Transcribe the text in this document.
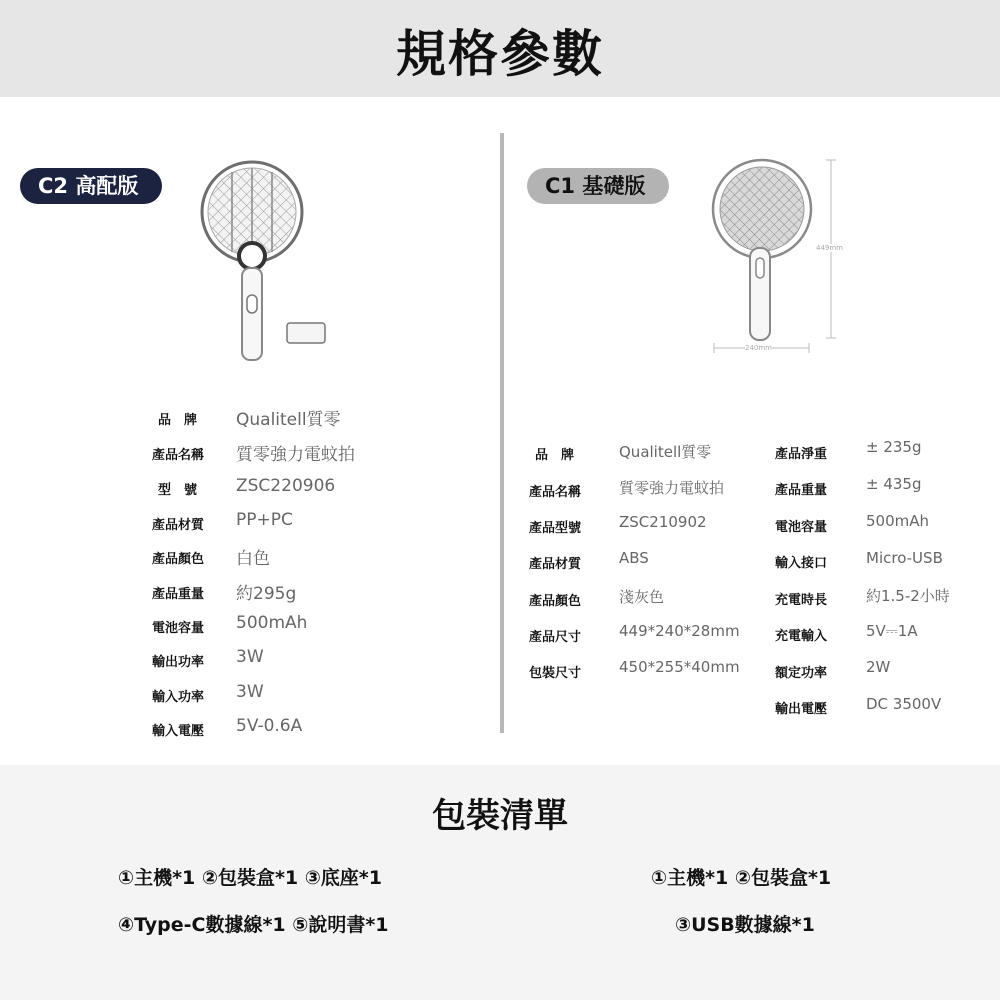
規格參數
C2 高配版
品　牌 Qualitell質零
產品名稱 質零強力電蚊拍
型　號 ZSC220906
產品材質 PP+PC
產品顏色 白色
產品重量 約295g
電池容量 500mAh
輸出功率 3W
輸入功率 3W
輸入電壓 5V-0.6A
C1 基礎版
449mm
240mm
品　牌	Qualitell質零
產品名稱	質零強力電蚊拍
產品型號	ZSC210902
產品材質	ABS
產品顏色	淺灰色
產品尺寸	449*240*28mm
包裝尺寸	450*255*40mm
產品淨重	± 235g
產品重量	± 435g
電池容量	500mAh
輸入接口	Micro-USB
充電時長	約1.5-2小時
充電輸入	5V⎓1A
額定功率	2W
輸出電壓	DC 3500V
包裝清單
①主機*1 ②包裝盒*1 ③底座*1
④Type-C數據線*1 ⑤說明書*1
①主機*1 ②包裝盒*1
③USB數據線*1
